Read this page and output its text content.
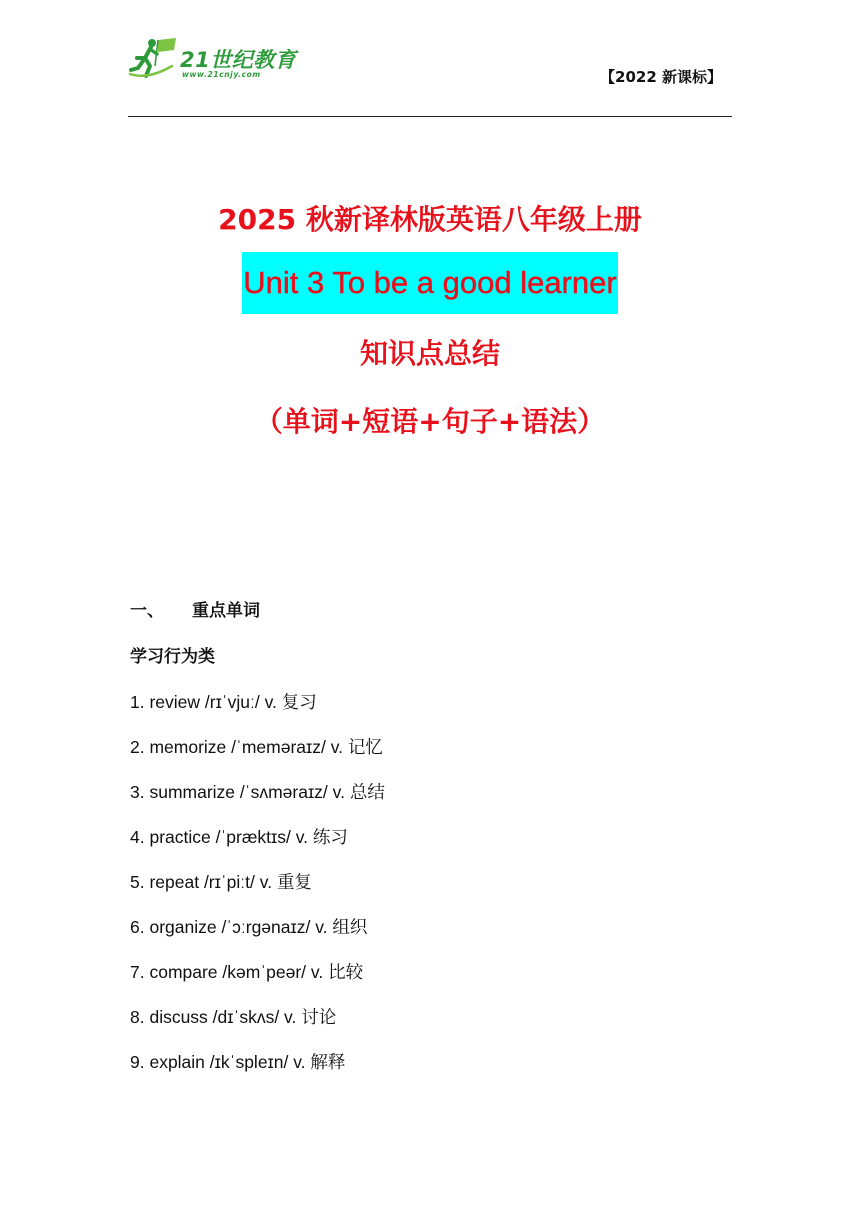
21世纪教育
www.21cnjy.com	【2022 新课标】
2025 秋新译林版英语八年级上册
Unit 3 To be a good learner
知识点总结
（单词+短语+句子+语法）
一、 重点单词
学习行为类
1. review /rɪˈvjuː/ v. 复习
2. memorize /ˈmeməraɪz/ v. 记忆
3. summarize /ˈsʌməraɪz/ v. 总结
4. practice /ˈpræktɪs/ v. 练习
5. repeat /rɪˈpiːt/ v. 重复
6. organize /ˈɔːrɡənaɪz/ v. 组织
7. compare /kəmˈpeər/ v. 比较
8. discuss /dɪˈskʌs/ v. 讨论
9. explain /ɪkˈspleɪn/ v. 解释
